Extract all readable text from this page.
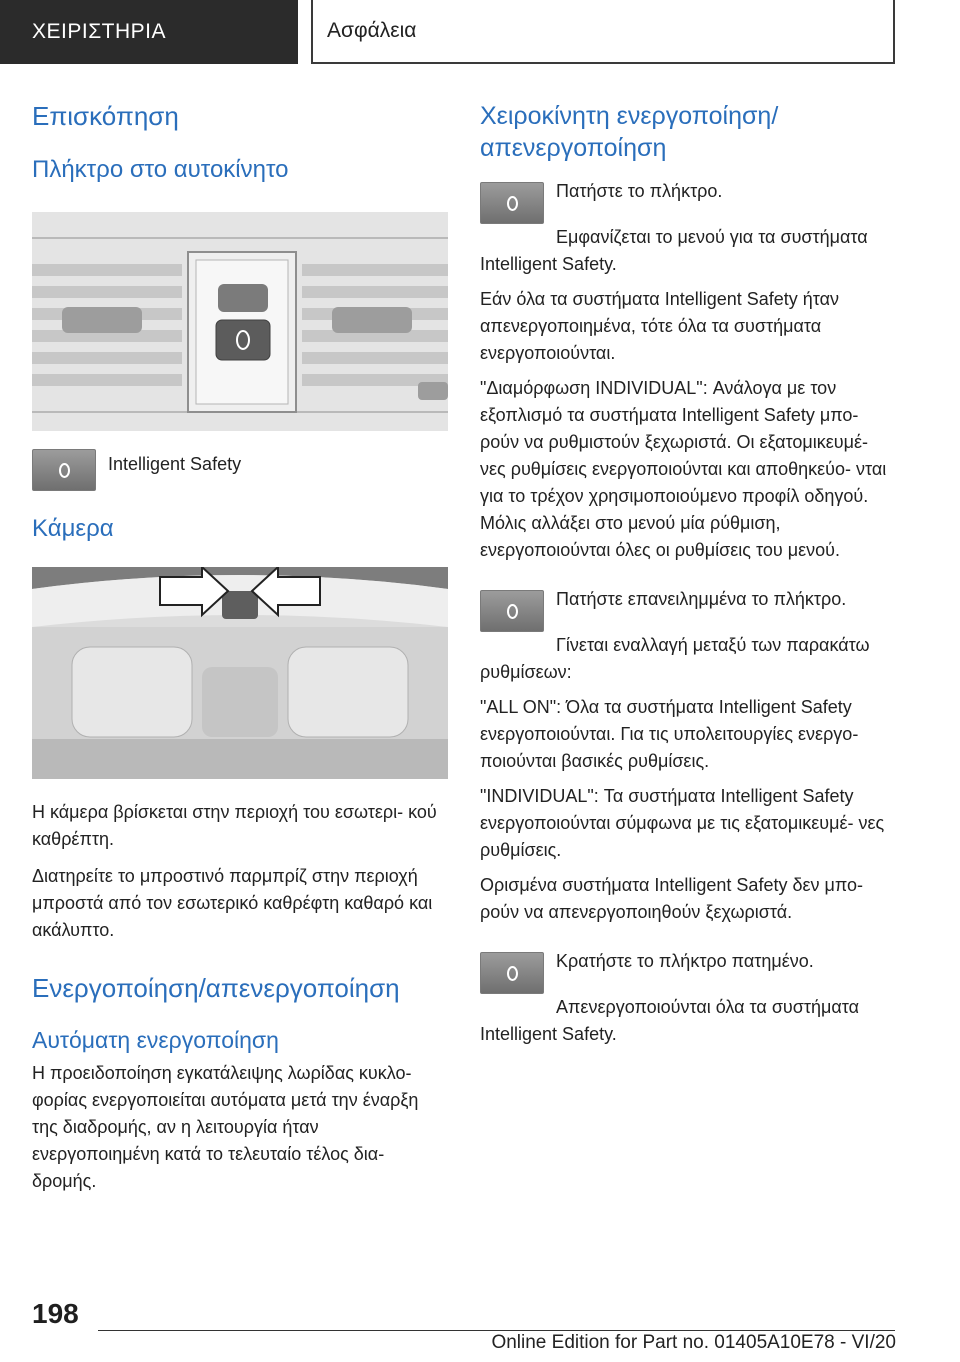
ΧΕΙΡΙΣΤΗΡΙΑ	Ασφάλεια
Επισκόπηση
Πλήκτρο στο αυτοκίνητο

Intelligent Safety

Κάμερα

Η κάμερα βρίσκεται στην περιοχή του εσωτερι‐ κού καθρέπτη.

Διατηρείτε το μπροστινό παρμπρίζ στην περιοχή μπροστά από τον εσωτερικό καθρέφτη καθαρό και ακάλυπτο.

Ενεργοποίηση/απενεργοποίηση
Αυτόματη ενεργοποίηση

Η προειδοποίηση εγκατάλειψης λωρίδας κυκλο‐ φορίας ενεργοποιείται αυτόματα μετά την έναρξη της διαδρομής, αν η λειτουργία ήταν ενεργοποιημένη κατά το τελευταίο τέλος δια‐ δρομής.

Χειροκίνητη ενεργοποίηση/ απενεργοποίηση

Πατήστε το πλήκτρο.

Εμφανίζεται το μενού για τα συστήματα Intelligent Safety.

Εάν όλα τα συστήματα Intelligent Safety ήταν απενεργοποιημένα, τότε όλα τα συστήματα ενεργοποιούνται.

"Διαμόρφωση INDIVIDUAL": Ανάλογα με τον εξοπλισμό τα συστήματα Intelligent Safety μπο‐ ρούν να ρυθμιστούν ξεχωριστά. Οι εξατομικευμέ‐ νες ρυθμίσεις ενεργοποιούνται και αποθηκεύο‐ νται για το τρέχον χρησιμοποιούμενο προφίλ οδηγού. Μόλις αλλάξει στο μενού μία ρύθμιση, ενεργοποιούνται όλες οι ρυθμίσεις του μενού.

Πατήστε επανειλημμένα το πλήκτρο.

Γίνεται εναλλαγή μεταξύ των παρακάτω ρυθμίσεων:

"ALL ON": Όλα τα συστήματα Intelligent Safety ενεργοποιούνται. Για τις υπολειτουργίες ενεργο‐ ποιούνται βασικές ρυθμίσεις.

"INDIVIDUAL": Τα συστήματα Intelligent Safety ενεργοποιούνται σύμφωνα με τις εξατομικευμέ‐ νες ρυθμίσεις.

Ορισμένα συστήματα Intelligent Safety δεν μπο‐ ρούν να απενεργοποιηθούν ξεχωριστά.

Κρατήστε το πλήκτρο πατημένο.

Απενεργοποιούνται όλα τα συστήματα Intelligent Safety.

198
Online Edition for Part no. 01405A10E78 - VI/20
